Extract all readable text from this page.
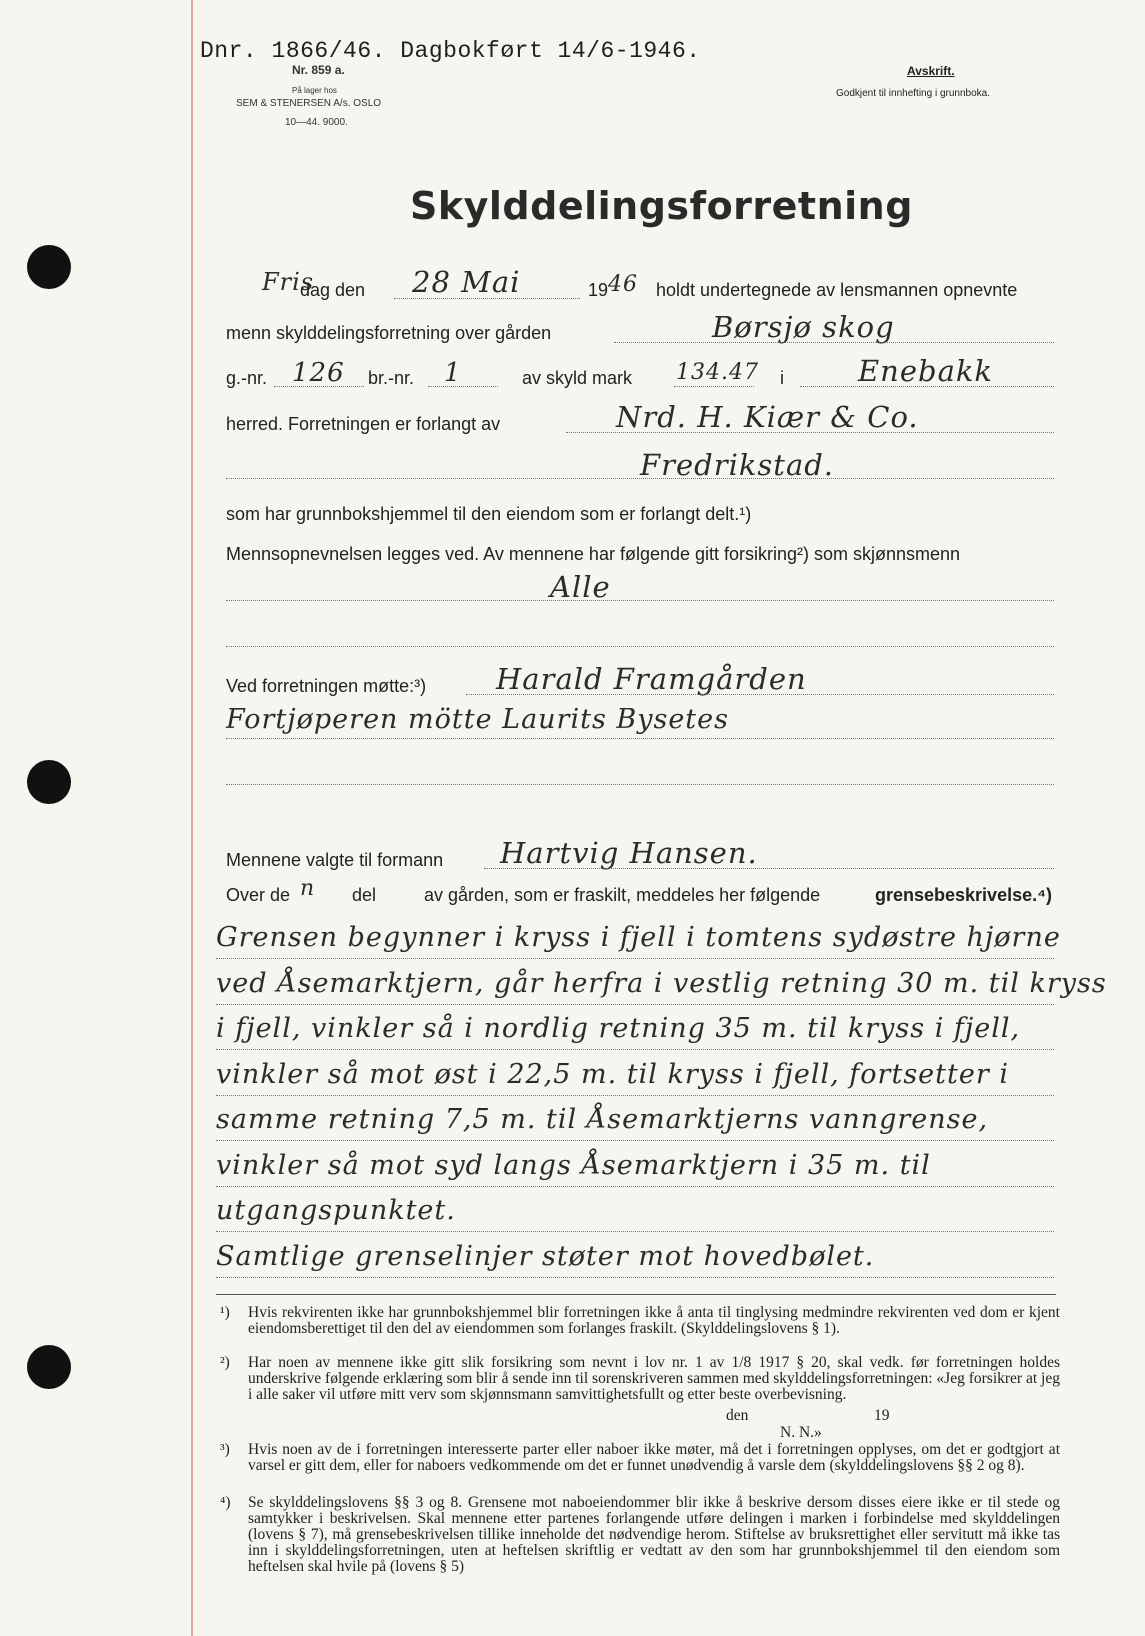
Dnr. 1866/46. Dagbokført 14/6-1946.
Nr. 859 a.
På lager hos
SEM & STENERSEN A/s. OSLO
10—44. 9000.
Avskrift.
Godkjent til innhefting i grunnboka.
Skylddelingsforretning
Fris
dag den 28 Mai	19 46 holdt undertegnede av lensmannen opnevnte
menn skylddelingsforretning over gården	Børsjø skog
g.-nr. 126 br.-nr. 1	av skyld mark 134.47 i	Enebakk
herred. Forretningen er forlangt av	Nrd. H. Kiær & Co.
Fredrikstad.
som har grunnbokshjemmel til den eiendom som er forlangt delt.¹)
Mennsopnevnelsen legges ved. Av mennene har følgende gitt forsikring²) som skjønnsmenn
Alle
Ved forretningen møtte:³) Harald Framgården
Fortjøperen mötte Laurits Bysetes
Mennene valgte til formann Hartvig Hansen.
Over de n del	av gården, som er fraskilt, meddeles her følgende	grensebeskrivelse.⁴)
Grensen begynner i kryss i fjell i tomtens sydøstre hjørne
ved Åsemarktjern, går herfra i vestlig retning 30 m. til kryss
i fjell, vinkler så i nordlig retning 35 m. til kryss i fjell,
vinkler så mot øst i 22,5 m. til kryss i fjell, fortsetter i
samme retning 7,5 m. til Åsemarktjerns vanngrense,
vinkler så mot syd langs Åsemarktjern i 35 m. til
utgangspunktet.
Samtlige grenselinjer støter mot hovedbølet.
¹) Hvis rekvirenten ikke har grunnbokshjemmel blir forretningen ikke å anta til tinglysing medmindre rekvirenten ved dom er kjent eiendomsberettiget til den del av eiendommen som forlanges fraskilt. (Skylddelingslovens § 1).
²) Har noen av mennene ikke gitt slik forsikring som nevnt i lov nr. 1 av 1/8 1917 § 20, skal vedk. før forretningen holdes underskrive følgende erklæring som blir å sende inn til sorenskriveren sammen med skylddelingsforretningen: «Jeg forsikrer at jeg i alle saker vil utføre mitt verv som skjønnsmann samvittighetsfullt og etter beste overbevisning.
den	19
N. N.»
³) Hvis noen av de i forretningen interesserte parter eller naboer ikke møter, må det i forretningen opplyses, om det er godtgjort at varsel er gitt dem, eller for naboers vedkommende om det er funnet unødvendig å varsle dem (skylddelingslovens §§ 2 og 8).
⁴) Se skylddelingslovens §§ 3 og 8. Grensene mot naboeiendommer blir ikke å beskrive dersom disses eiere ikke er til stede og samtykker i beskrivelsen. Skal mennene etter partenes forlangende utføre delingen i marken i forbindelse med skylddelingen (lovens § 7), må grensebeskrivelsen tillike inneholde det nødvendige herom. Stiftelse av bruksrettighet eller servitutt må ikke tas inn i skylddelingsforretningen, uten at heftelsen skriftlig er vedtatt av den som har grunnbokshjemmel til den eiendom som heftelsen skal hvile på (lovens § 5)
